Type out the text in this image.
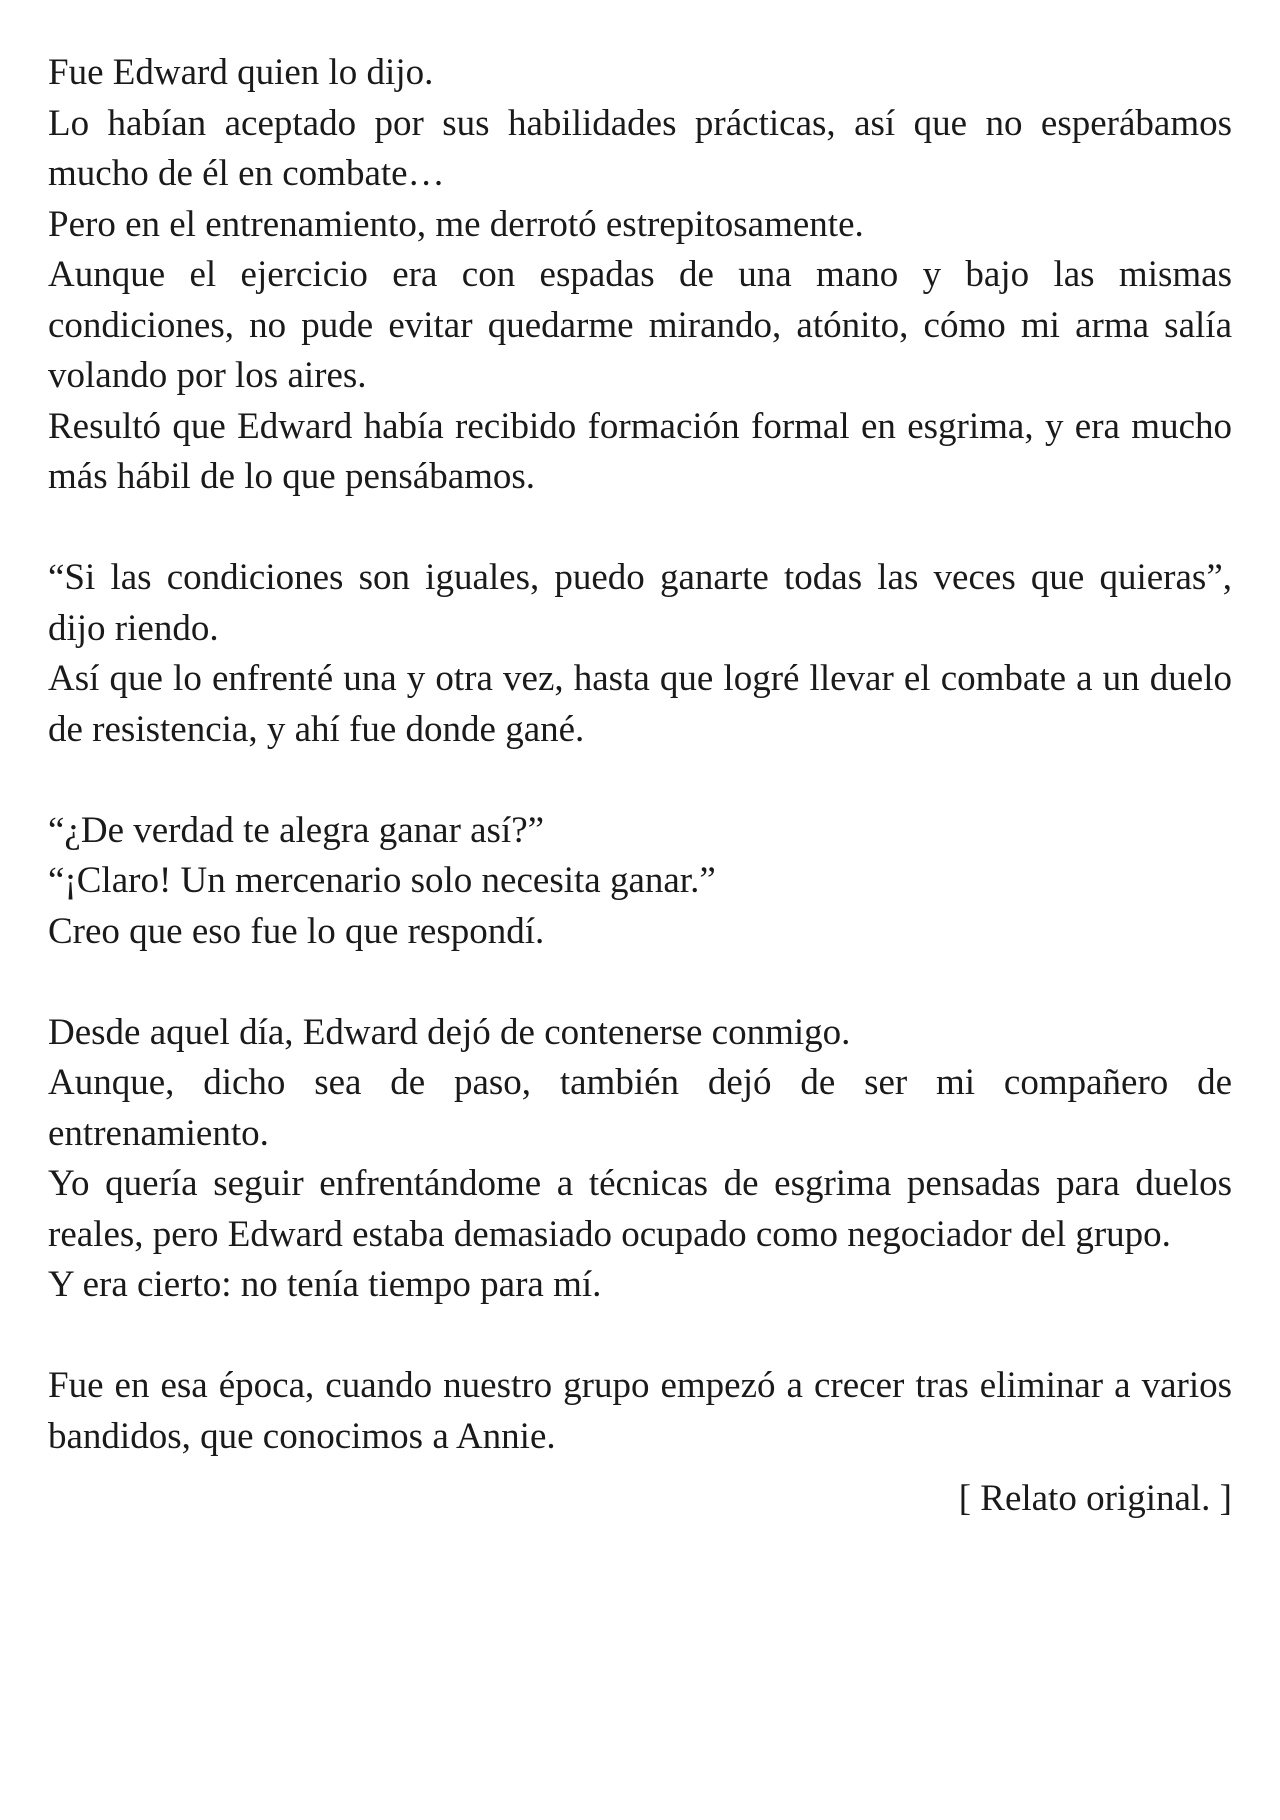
Fue Edward quien lo dijo.

Lo habían aceptado por sus habilidades prácticas, así que no esperábamos mucho de él en combate…

Pero en el entrenamiento, me derrotó estrepitosamente.

Aunque el ejercicio era con espadas de una mano y bajo las mismas condiciones, no pude evitar quedarme mirando, atónito, cómo mi arma salía volando por los aires.

Resultó que Edward había recibido formación formal en esgrima, y era mucho más hábil de lo que pensábamos.

“Si las condiciones son iguales, puedo ganarte todas las veces que quieras”, dijo riendo.

Así que lo enfrenté una y otra vez, hasta que logré llevar el combate a un duelo de resistencia, y ahí fue donde gané.

“¿De verdad te alegra ganar así?”

“¡Claro! Un mercenario solo necesita ganar.”

Creo que eso fue lo que respondí.

Desde aquel día, Edward dejó de contenerse conmigo.

Aunque, dicho sea de paso, también dejó de ser mi compañero de entrenamiento.

Yo quería seguir enfrentándome a técnicas de esgrima pensadas para duelos reales, pero Edward estaba demasiado ocupado como negociador del grupo.

Y era cierto: no tenía tiempo para mí.

Fue en esa época, cuando nuestro grupo empezó a crecer tras eliminar a varios bandidos, que conocimos a Annie.

[ Relato original. ]
